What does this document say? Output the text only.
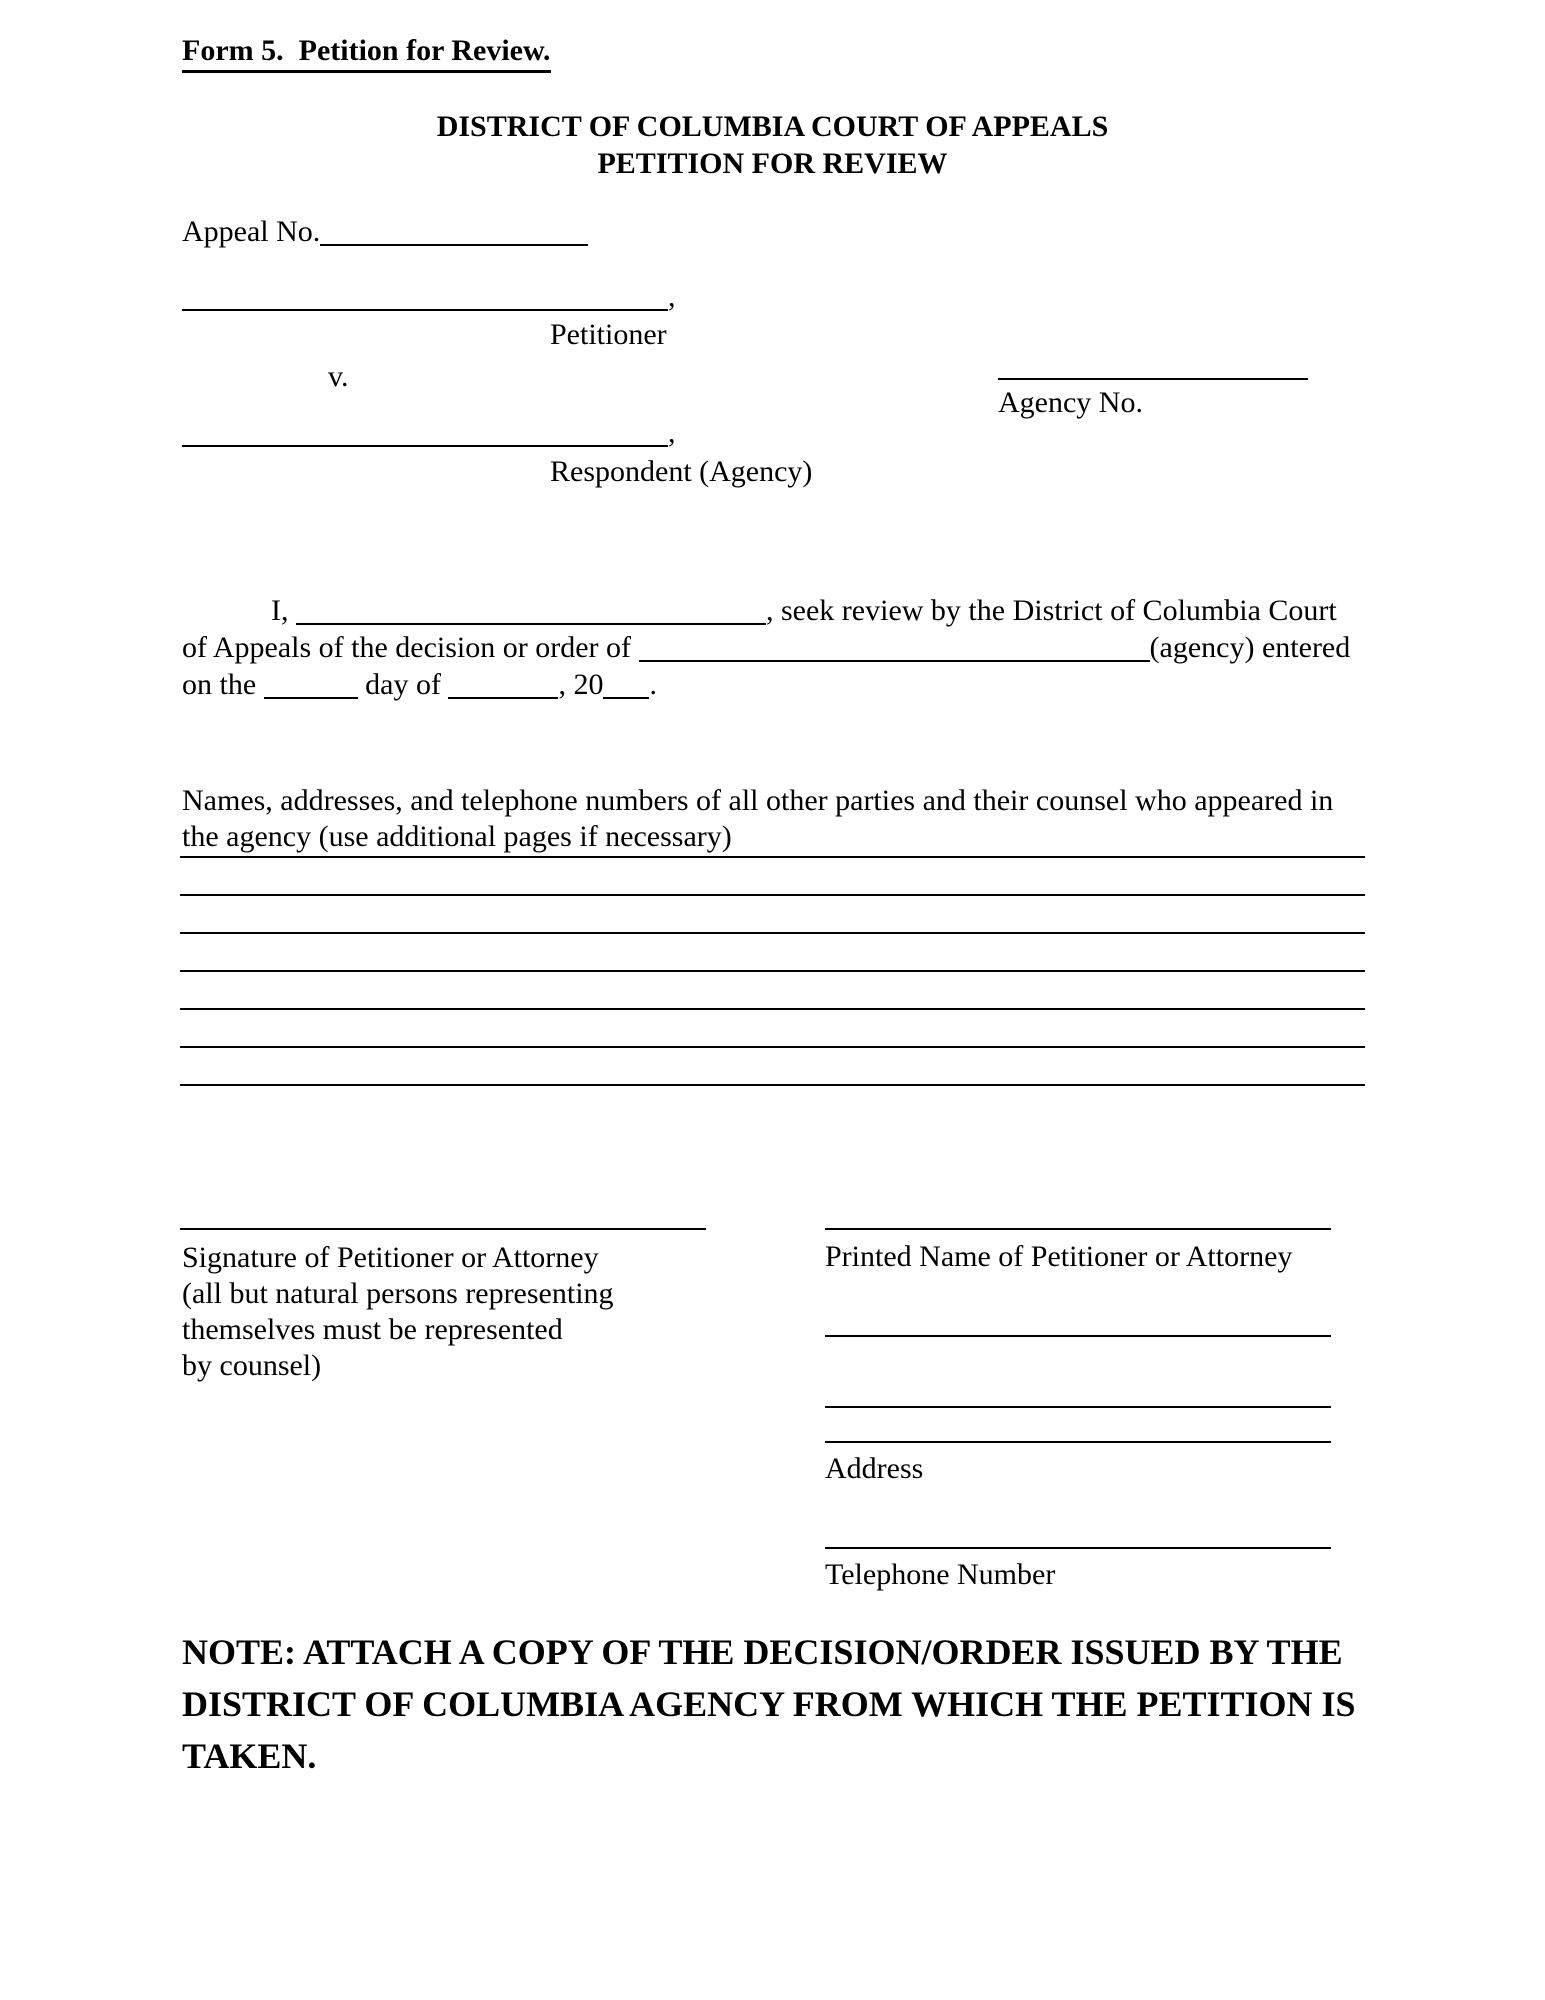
Form 5.  Petition for Review.
DISTRICT OF COLUMBIA COURT OF APPEALS
PETITION FOR REVIEW
Appeal No.
,
Petitioner
v.
Agency No.
,
Respondent (Agency)
I,	, seek review by the District of Columbia Court
of Appeals of the decision or order of	(agency) entered
on the	day of	, 20 .
Names, addresses, and telephone numbers of all other parties and their counsel who appeared in the agency (use additional pages if necessary)
Signature of Petitioner or Attorney
(all but natural persons representing
themselves must be represented
by counsel)
Printed Name of Petitioner or Attorney
Address
Telephone Number
NOTE: ATTACH A COPY OF THE DECISION/ORDER ISSUED BY THE DISTRICT OF COLUMBIA AGENCY FROM WHICH THE PETITION IS TAKEN.
